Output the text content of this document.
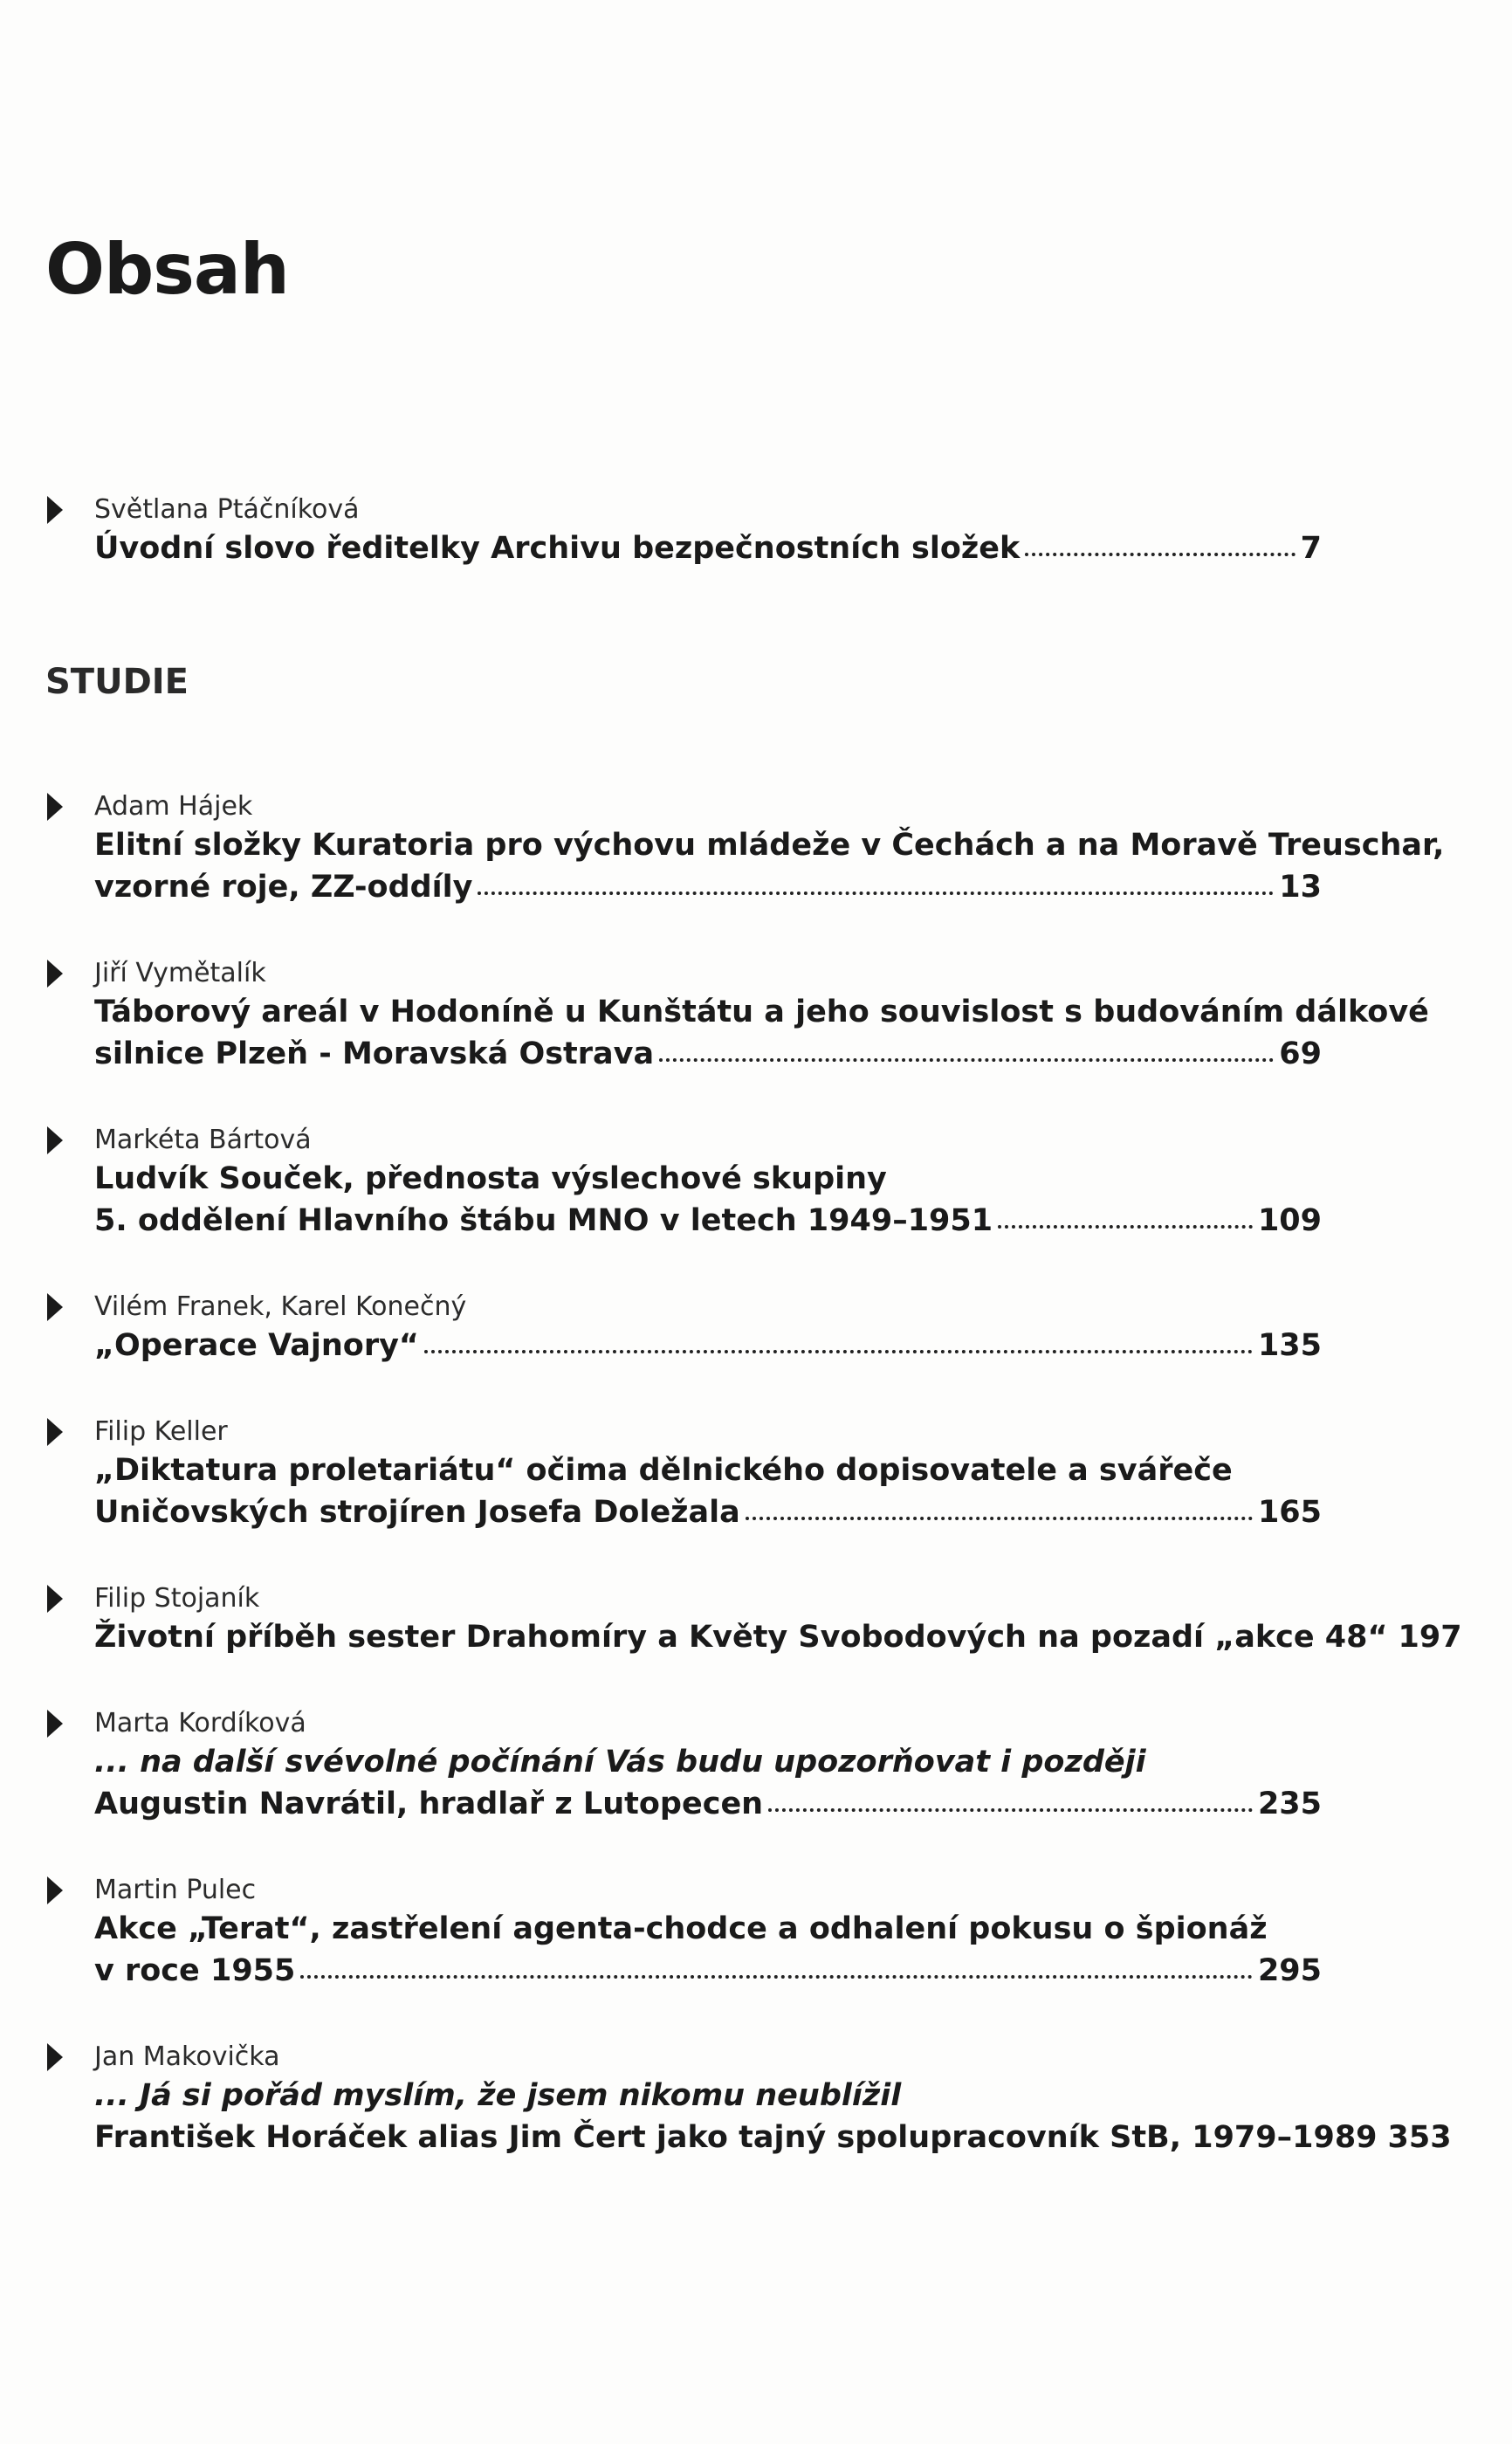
Obsah
Světlana Ptáčníková
Úvodní slovo ředitelky Archivu bezpečnostních složek	7
STUDIE
Adam Hájek
Elitní složky Kuratoria pro výchovu mládeže v Čechách a na Moravě Treuschar,
vzorné roje, ZZ-oddíly	13
Jiří Vymětalík
Táborový areál v Hodoníně u Kunštátu a jeho souvislost s budováním dálkové
silnice Plzeň - Moravská Ostrava	69
Markéta Bártová
Ludvík Souček, přednosta výslechové skupiny
5. oddělení Hlavního štábu MNO v letech 1949–1951	109
Vilém Franek, Karel Konečný
„Operace Vajnory“	135
Filip Keller
„Diktatura proletariátu“ očima dělnického dopisovatele a svářeče
Uničovských strojíren Josefa Doležala	165
Filip Stojaník
Životní příběh sester Drahomíry a Květy Svobodových na pozadí „akce 48“ 197
Marta Kordíková
... na další svévolné počínání Vás budu upozorňovat i později
Augustin Navrátil, hradlař z Lutopecen	235
Martin Pulec
Akce „Terat“, zastřelení agenta-chodce a odhalení pokusu o špionáž
v roce 1955	295
Jan Makovička
... Já si pořád myslím, že jsem nikomu neublížil
František Horáček alias Jim Čert jako tajný spolupracovník StB, 1979–1989 353
